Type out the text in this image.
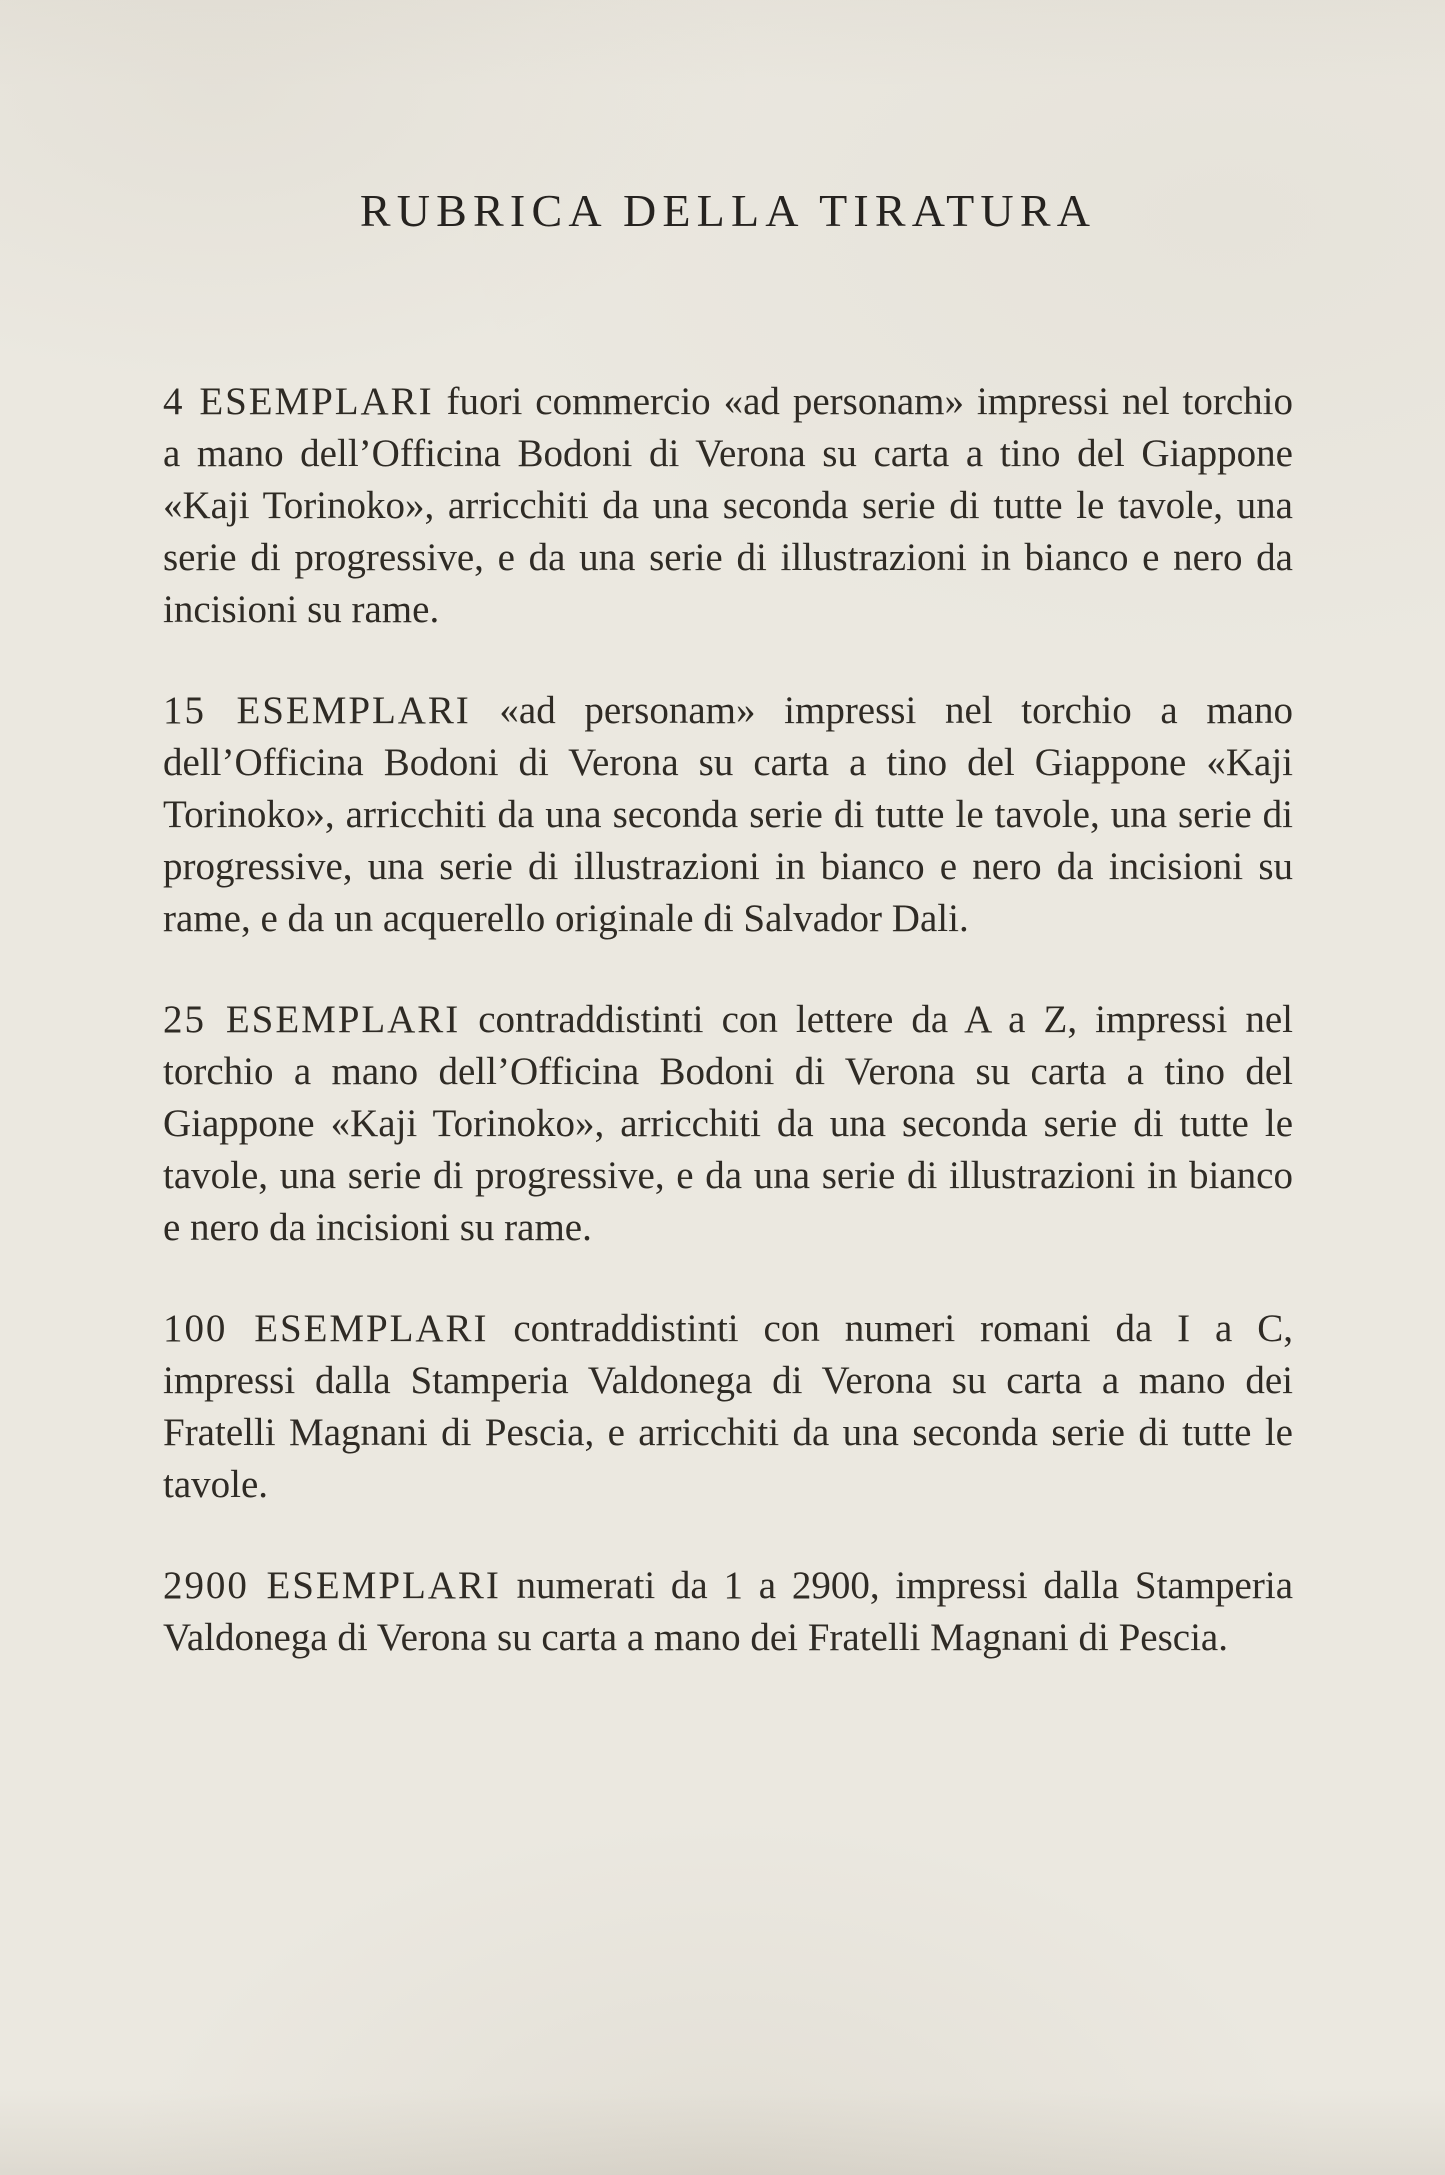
RUBRICA DELLA TIRATURA

4 ESEMPLARI fuori commercio «ad personam» impressi nel torchio a mano dell’Officina Bodoni di Verona su carta a tino del Giappone «Kaji Torinoko», arricchiti da una seconda serie di tutte le tavole, una serie di progressive, e da una serie di illustrazioni in bianco e nero da incisioni su rame.

15 ESEMPLARI «ad personam» impressi nel torchio a mano dell’Officina Bodoni di Verona su carta a tino del Giappone «Kaji Torinoko», arricchiti da una seconda serie di tutte le tavole, una serie di progressive, una serie di illustrazioni in bianco e nero da incisioni su rame, e da un acquerello originale di Salvador Dali.

25 ESEMPLARI contraddistinti con lettere da A a Z, impressi nel torchio a mano dell’Officina Bodoni di Verona su carta a tino del Giappone «Kaji Torinoko», arricchiti da una seconda serie di tutte le tavole, una serie di progressive, e da una serie di illustrazioni in bianco e nero da incisioni su rame.

100 ESEMPLARI contraddistinti con numeri romani da I a C, impressi dalla Stamperia Valdonega di Verona su carta a mano dei Fratelli Magnani di Pescia, e arricchiti da una seconda serie di tutte le tavole.

2900 ESEMPLARI numerati da 1 a 2900, impressi dalla Stamperia Valdonega di Verona su carta a mano dei Fratelli Magnani di Pescia.
